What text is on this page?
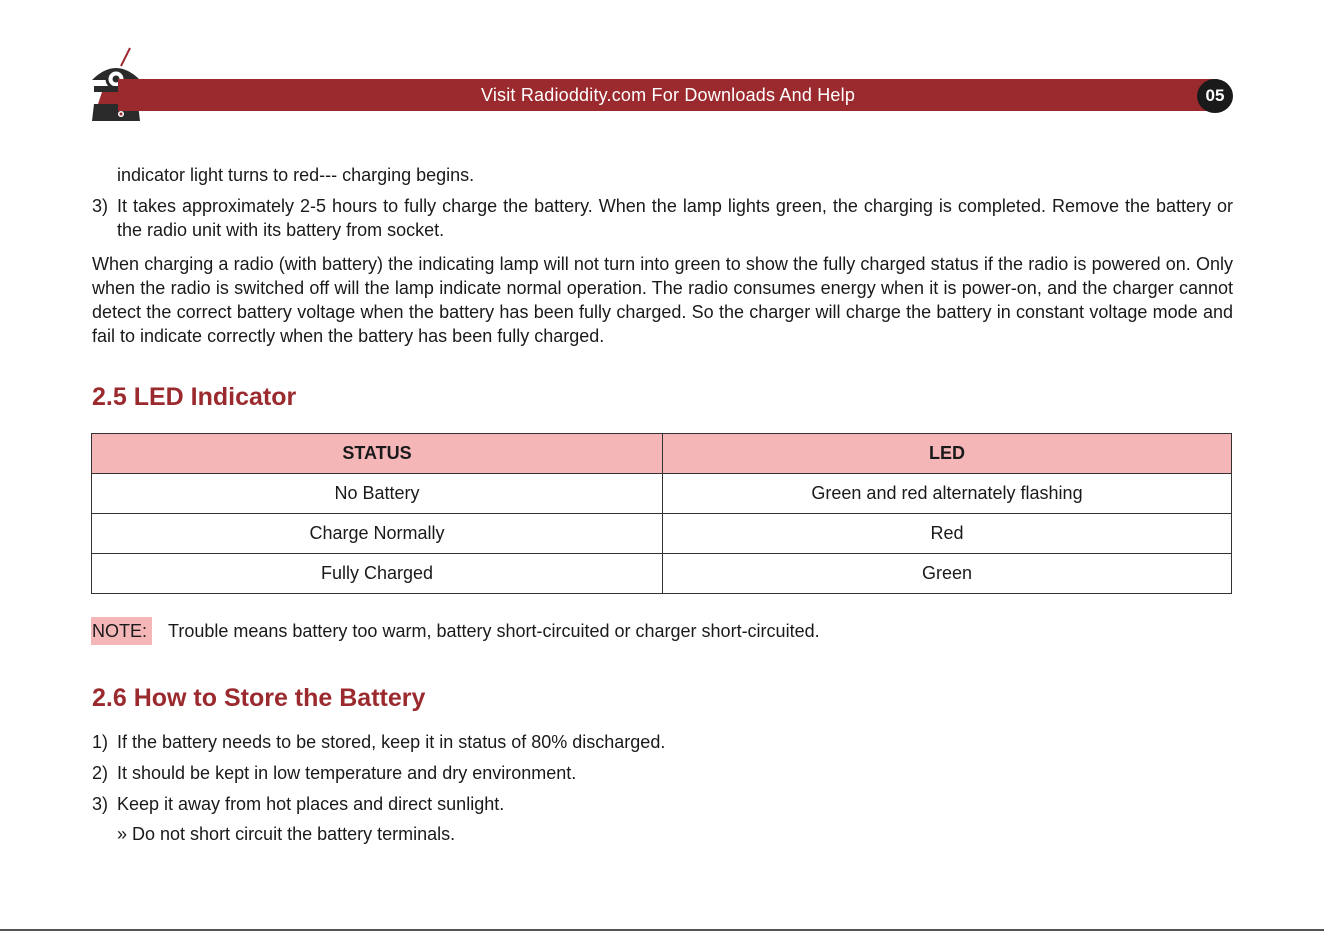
Visit Radioddity.com For Downloads And Help	05

indicator light turns to red--- charging begins.

3) It takes approximately 2-5 hours to fully charge the battery. When the lamp lights green, the charging is completed. Remove the battery or the radio unit with its battery from socket.

When charging a radio (with battery) the indicating lamp will not turn into green to show the fully charged status if the radio is powered on. Only when the radio is switched off will the lamp indicate normal operation. The radio consumes energy when it is power-on, and the charger cannot detect the correct battery voltage when the battery has been fully charged. So the charger will charge the battery in constant voltage mode and fail to indicate correctly when the battery has been fully charged.

2.5 LED Indicator
STATUS	LED
No Battery	Green and red alternately flashing
Charge Normally	Red
Fully Charged	Green
NOTE: Trouble means battery too warm, battery short-circuited or charger short-circuited.
2.6 How to Store the Battery
1) If the battery needs to be stored, keep it in status of 80% discharged.

2) It should be kept in low temperature and dry environment.

3) Keep it away from hot places and direct sunlight.

» Do not short circuit the battery terminals.
